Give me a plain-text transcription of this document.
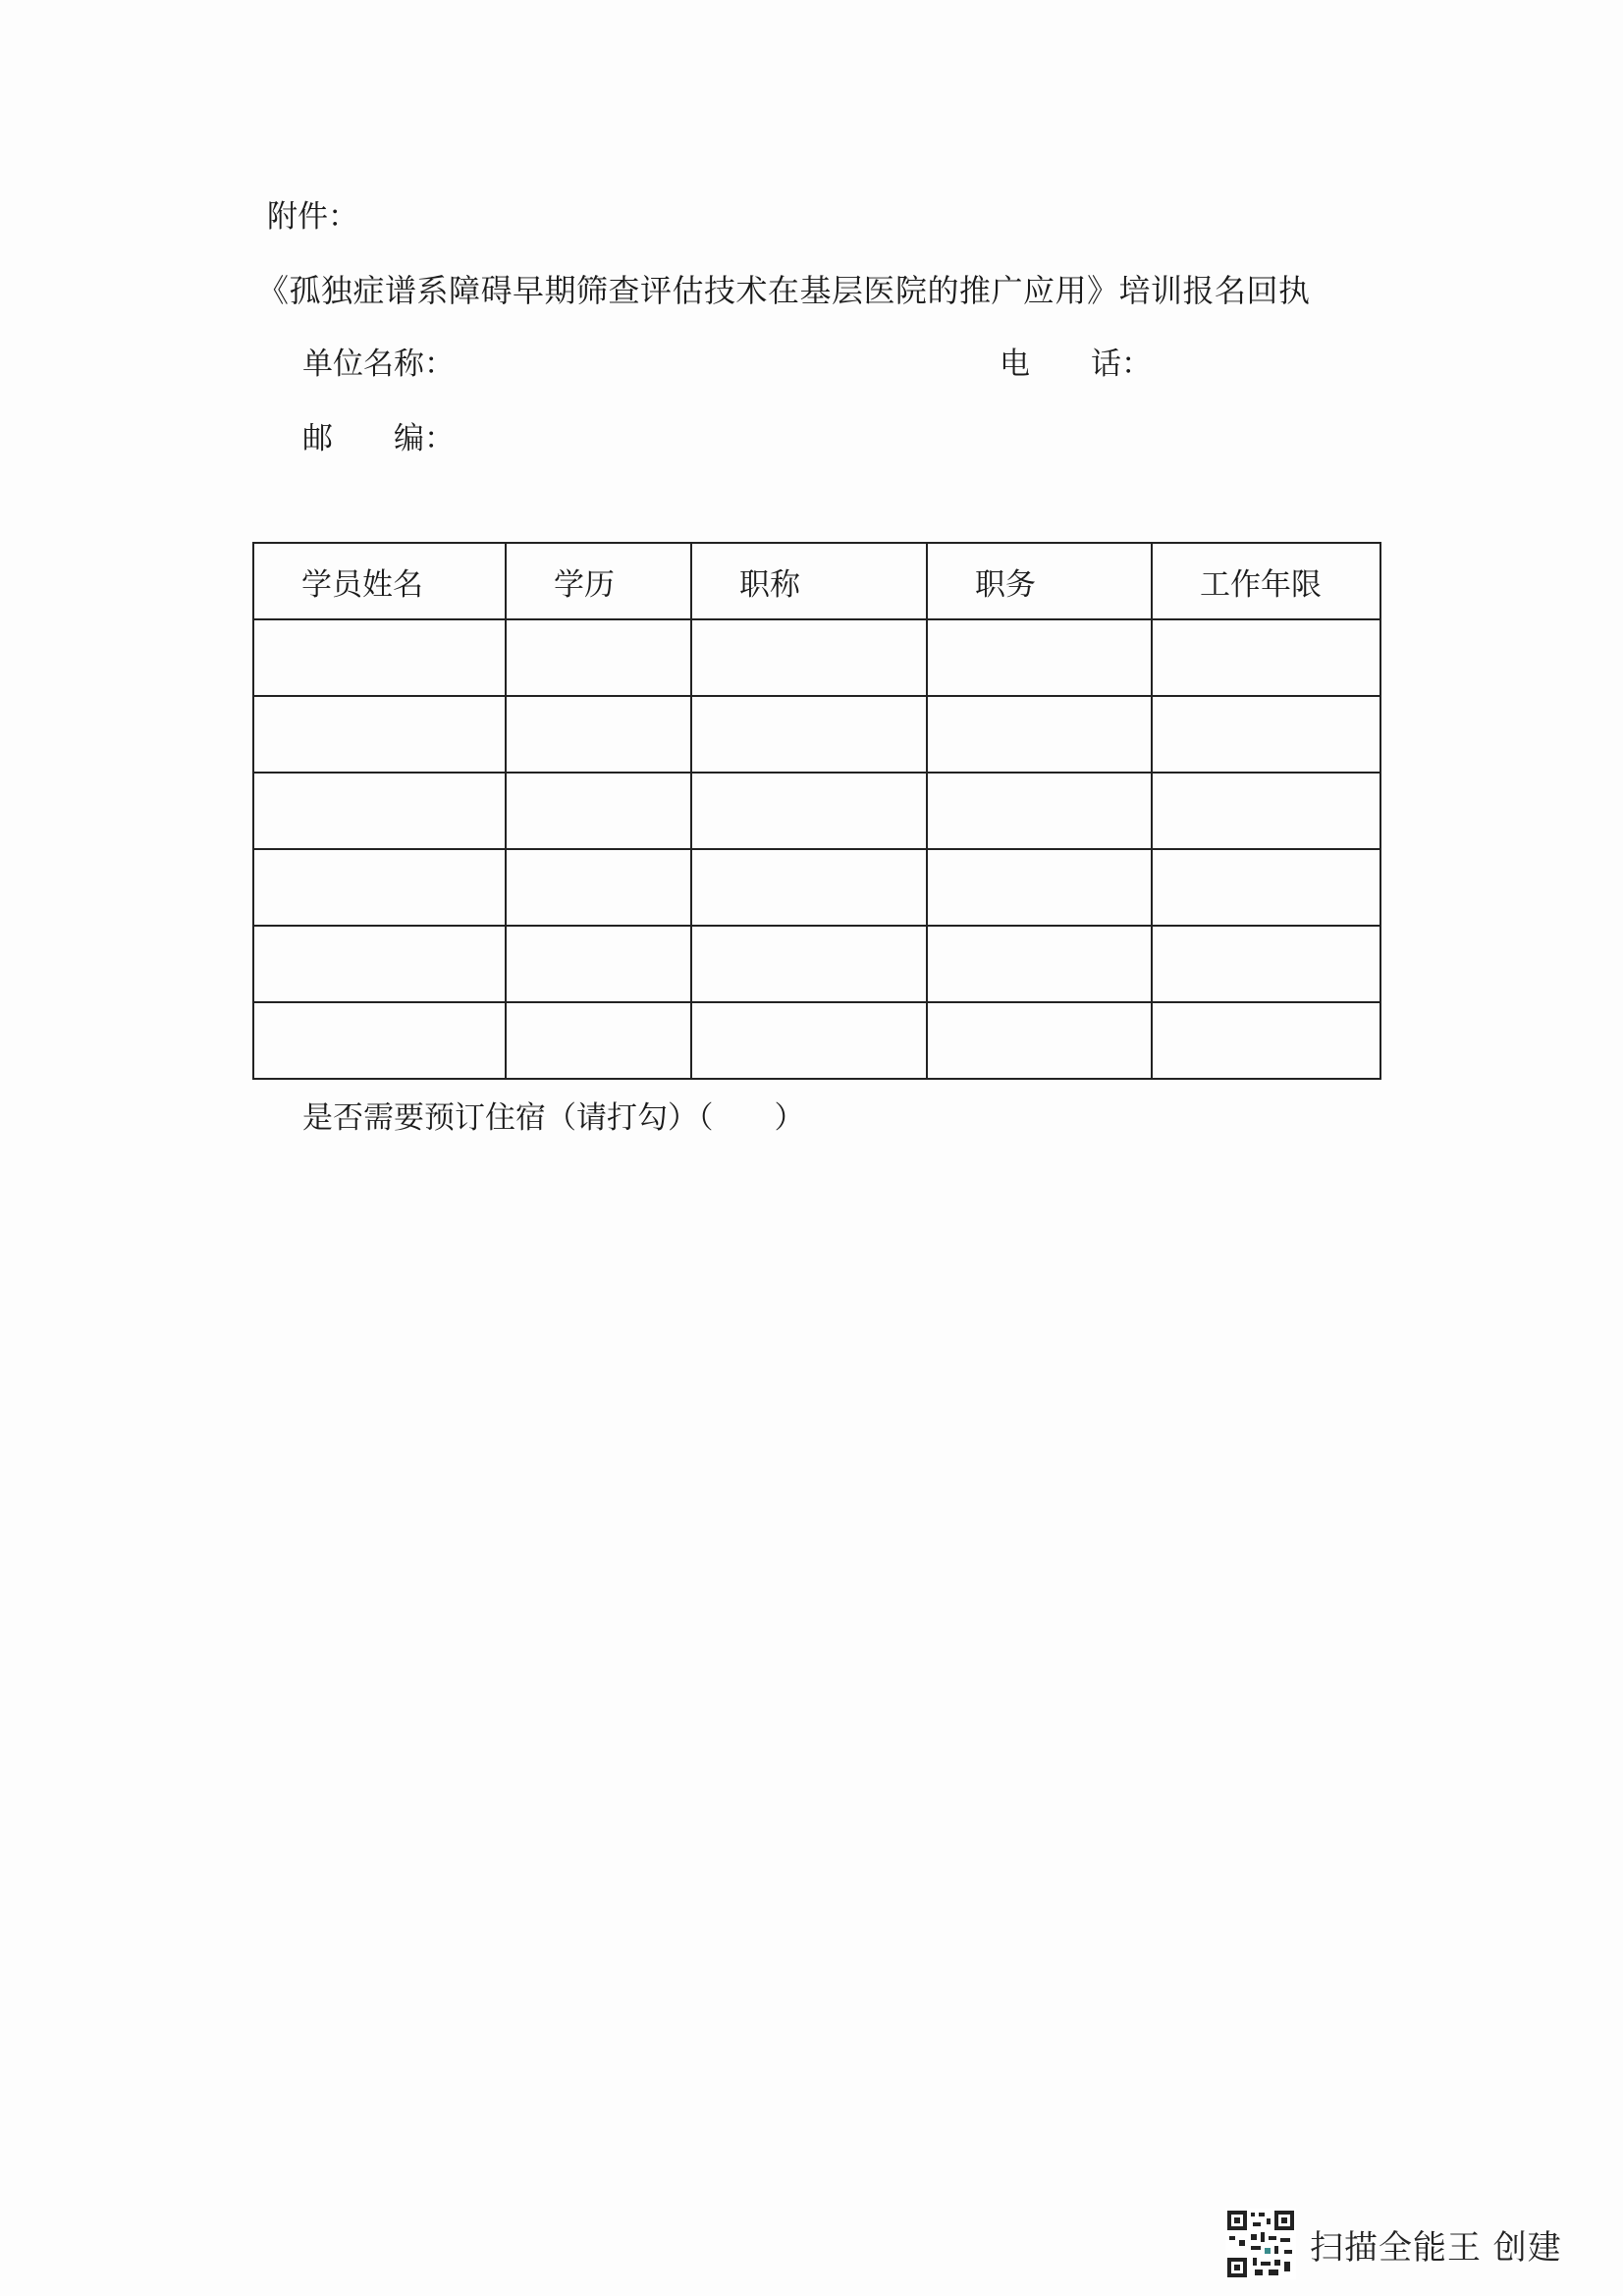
附件：
《孤独症谱系障碍早期筛查评估技术在基层医院的推广应用》培训报名回执
单位名称：	电 话：
邮 编：
学员姓名	学历	职称	职务	工作年限

是否需要预订住宿（请打勾）（　　）
扫描全能王 创建
